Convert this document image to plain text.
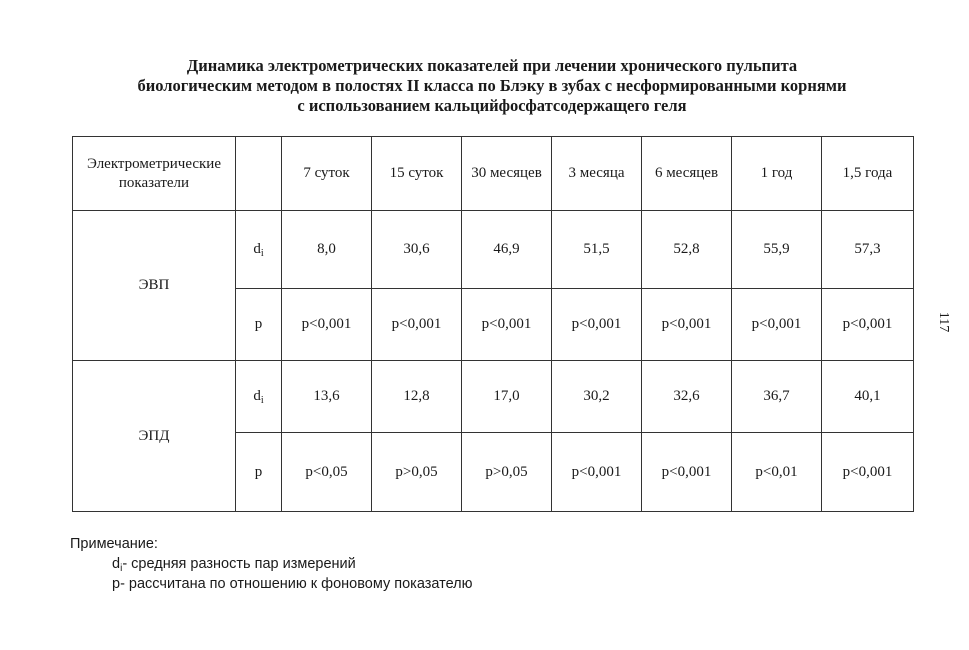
Динамика электрометрических показателей при лечении хронического пульпита
биологическим методом в полостях II класса по Блэку в зубах с несформированными корнями
с использованием кальцийфосфатсодержащего геля
Электрометрические показатели		7 суток	15 суток	30 месяцев	3 месяца	6 месяцев	1 год	1,5 года
ЭВП	$d_i$	8,0	30,6	46,9	51,5	52,8	55,9	57,3
	p	p<0,001	p<0,001	p<0,001	p<0,001	p<0,001	p<0,001	p<0,001
ЭПД	$d_i$	13,6	12,8	17,0	30,2	32,6	36,7	40,1
	p	p<0,05	p>0,05	p>0,05	p<0,001	p<0,001	p<0,01	p<0,001
Примечание:
$d_i-$ средняя разность пар измерений
р- рассчитана по отношению к фоновому показателю
117
